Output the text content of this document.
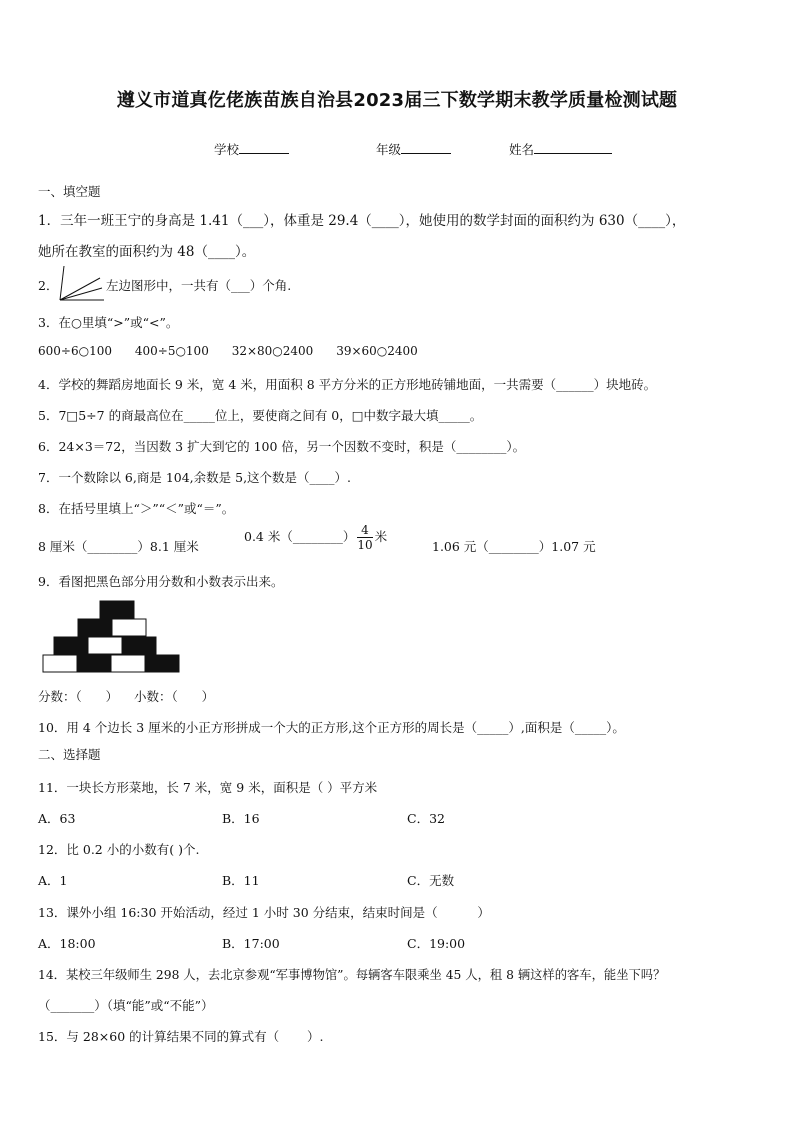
遵义市道真仡佬族苗族自治县2023届三下数学期末教学质量检测试题
学校	年级	姓名
一、填空题
1．三年一班王宁的身高是 1.41（___），体重是 29.4（____），她使用的数学封面的面积约为 630（____），
她所在教室的面积约为 48（____）。
2．	左边图形中，一共有（___）个角.
3．在○里填“>”或“<”。
600÷6○100      400÷5○100      32×80○2400      39×60○2400
4．学校的舞蹈房地面长 9 米，宽 4 米，用面积 8 平方分米的正方形地砖铺地面，一共需要（______）块地砖。
5．7□5÷7 的商最高位在_____位上，要使商之间有 0，□中数字最大填_____。
6．24×3＝72，当因数 3 扩大到它的 100 倍，另一个因数不变时，积是（________）。
7．一个数除以 6,商是 104,余数是 5,这个数是（____）.
8．在括号里填上“＞”“＜”或“＝”。
8 厘米（________）8.1 厘米
0.4 米（________） $\frac{4}{10}$ 米
1.06 元（________）1.07 元
9．看图把黑色部分用分数和小数表示出来。
分数：（      ）    小数：（      ）
10．用 4 个边长 3 厘米的小正方形拼成一个大的正方形,这个正方形的周长是（_____）,面积是（_____）。
二、选择题
11．一块长方形菜地，长 7 米，宽 9 米，面积是（ ）平方米
A．63	B．16	C．32
12．比 0.2 小的小数有( )个.
A．1	B．11	C．无数
13．课外小组 16:30 开始活动，经过 1 小时 30 分结束，结束时间是（          ）
A．18:00	B．17:00	C．19:00
14．某校三年级师生 298 人，去北京参观“军事博物馆”。每辆客车限乘坐 45 人，租 8 辆这样的客车，能坐下吗？
（_______）（填“能”或“不能”）
15．与 28×60 的计算结果不同的算式有（       ）.
